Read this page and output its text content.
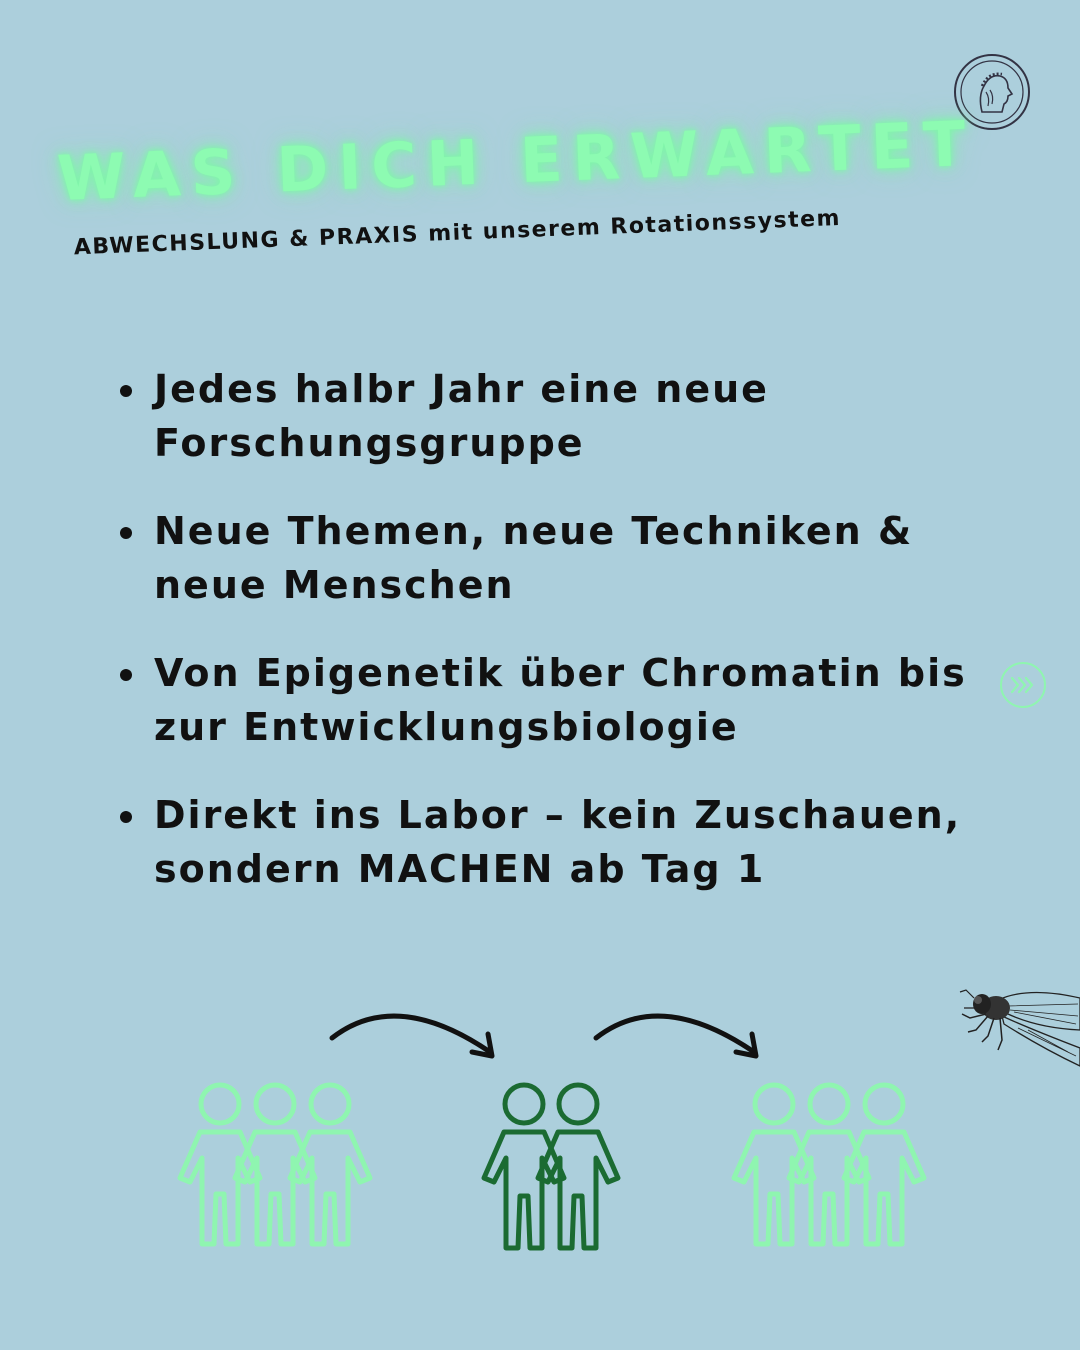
WAS DICH ERWARTET
ABWECHSLUNG & PRAXIS mit unserem Rotationssystem
Jedes halbr Jahr eine neue
Forschungsgruppe
Neue Themen, neue Techniken &
neue Menschen
Von Epigenetik über Chromatin bis
zur Entwicklungsbiologie
Direkt ins Labor – kein Zuschauen,
sondern MACHEN ab Tag 1
